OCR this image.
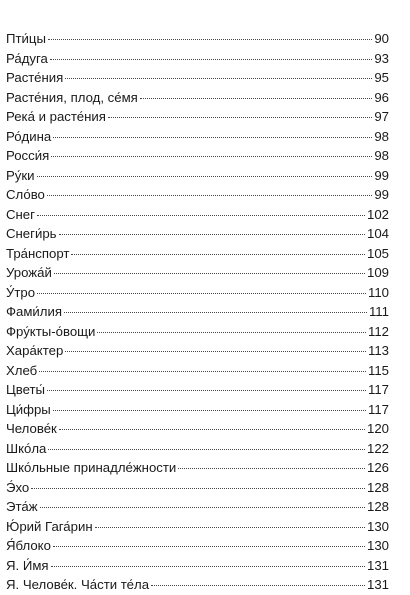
Пти́цы	90
Ра́дуга	93
Расте́ния	95
Расте́ния, плод, се́мя	96
Река́ и расте́ния	97
Ро́дина	98
Росси́я	98
Ру́ки	99
Сло́во	99
Снег	102
Снеги́рь	104
Тра́нспорт	105
Урожа́й	109
У́тро	110
Фами́лия	111
Фру́кты-о́вощи	112
Хара́ктер	113
Хлеб	115
Цветы́	117
Ци́фры	117
Челове́к	120
Шко́ла	122
Шко́льные принадле́жности	126
Э́хо	128
Эта́ж	128
Ю́рий Гага́рин	130
Я́блоко	130
Я. И́мя	131
Я. Челове́к. Ча́сти те́ла	131
